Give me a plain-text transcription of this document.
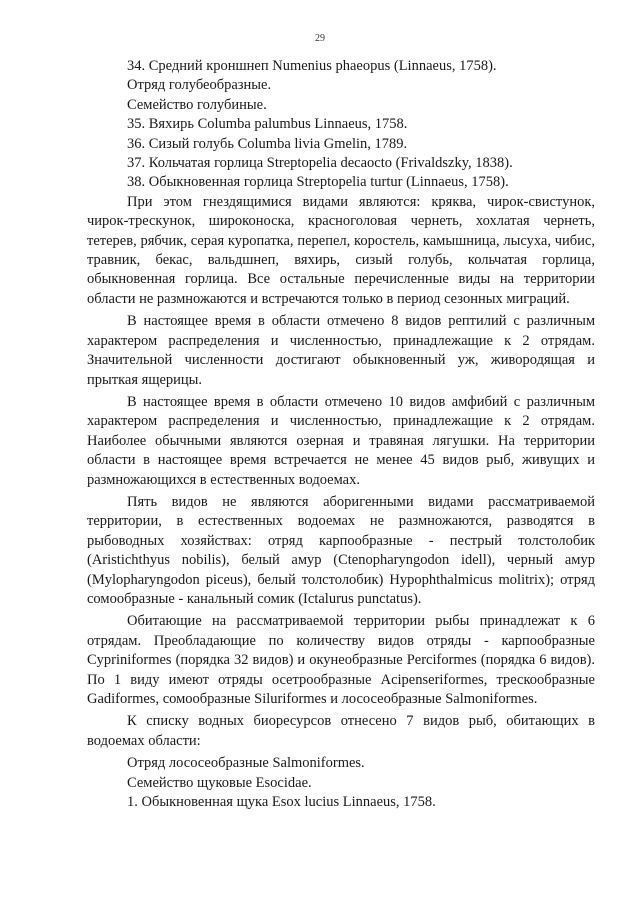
29
34. Средний кроншнеп Numenius phaeopus (Linnaeus, 1758).
Отряд голубеобразные.
Семейство голубиные.
35. Вяхирь Columba palumbus Linnaeus, 1758.
36. Сизый голубь Columba livia Gmelin, 1789.
37. Кольчатая горлица Streptopelia decaocto (Frivaldszky, 1838).
38. Обыкновенная горлица Streptopelia turtur (Linnaeus, 1758).

При этом гнездящимися видами являются: кряква, чирок-свистунок, чирок-трескунок, широконоска, красноголовая чернеть, хохлатая чернеть, тетерев, рябчик, серая куропатка, перепел, коростель, камышница, лысуха, чибис, травник, бекас, вальдшнеп, вяхирь, сизый голубь, кольчатая горлица, обыкновенная горлица. Все остальные перечисленные виды на территории области не размножаются и встречаются только в период сезонных миграций.

В настоящее время в области отмечено 8 видов рептилий с различным характером распределения и численностью, принадлежащие к 2 отрядам. Значительной численности достигают обыкновенный уж, живородящая и прыткая ящерицы.

В настоящее время в области отмечено 10 видов амфибий с различным характером распределения и численностью, принадлежащие к 2 отрядам. Наиболее обычными являются озерная и травяная лягушки. На территории области в настоящее время встречается не менее 45 видов рыб, живущих и размножающихся в естественных водоемах.

Пять видов не являются аборигенными видами рассматриваемой территории, в естественных водоемах не размножаются, разводятся в рыбоводных хозяйствах: отряд карпообразные - пестрый толстолобик (Aristichthyus nobilis), белый амур (Ctenopharyngodon idell), черный амур (Mylopharyngodon piceus), белый толстолобик) Hypophthalmicus molitrix); отряд сомообразные - канальный сомик (Ictalurus punctatus).

Обитающие на рассматриваемой территории рыбы принадлежат к 6 отрядам. Преобладающие по количеству видов отряды - карпообразные Cypriniformes (порядка 32 видов) и окунеобразные Perciformes (порядка 6 видов). По 1 виду имеют отряды осетрообразные Acipenseriformes, трескообразные Gadiformes, сомообразные Siluriformes и лососеобразные Salmoniformes.

К списку водных биоресурсов отнесено 7 видов рыб, обитающих в водоемах области:

Отряд лососеобразные Salmoniformes.
Семейство щуковые Esocidae.
1. Обыкновенная щука Esox lucius Linnaeus, 1758.
